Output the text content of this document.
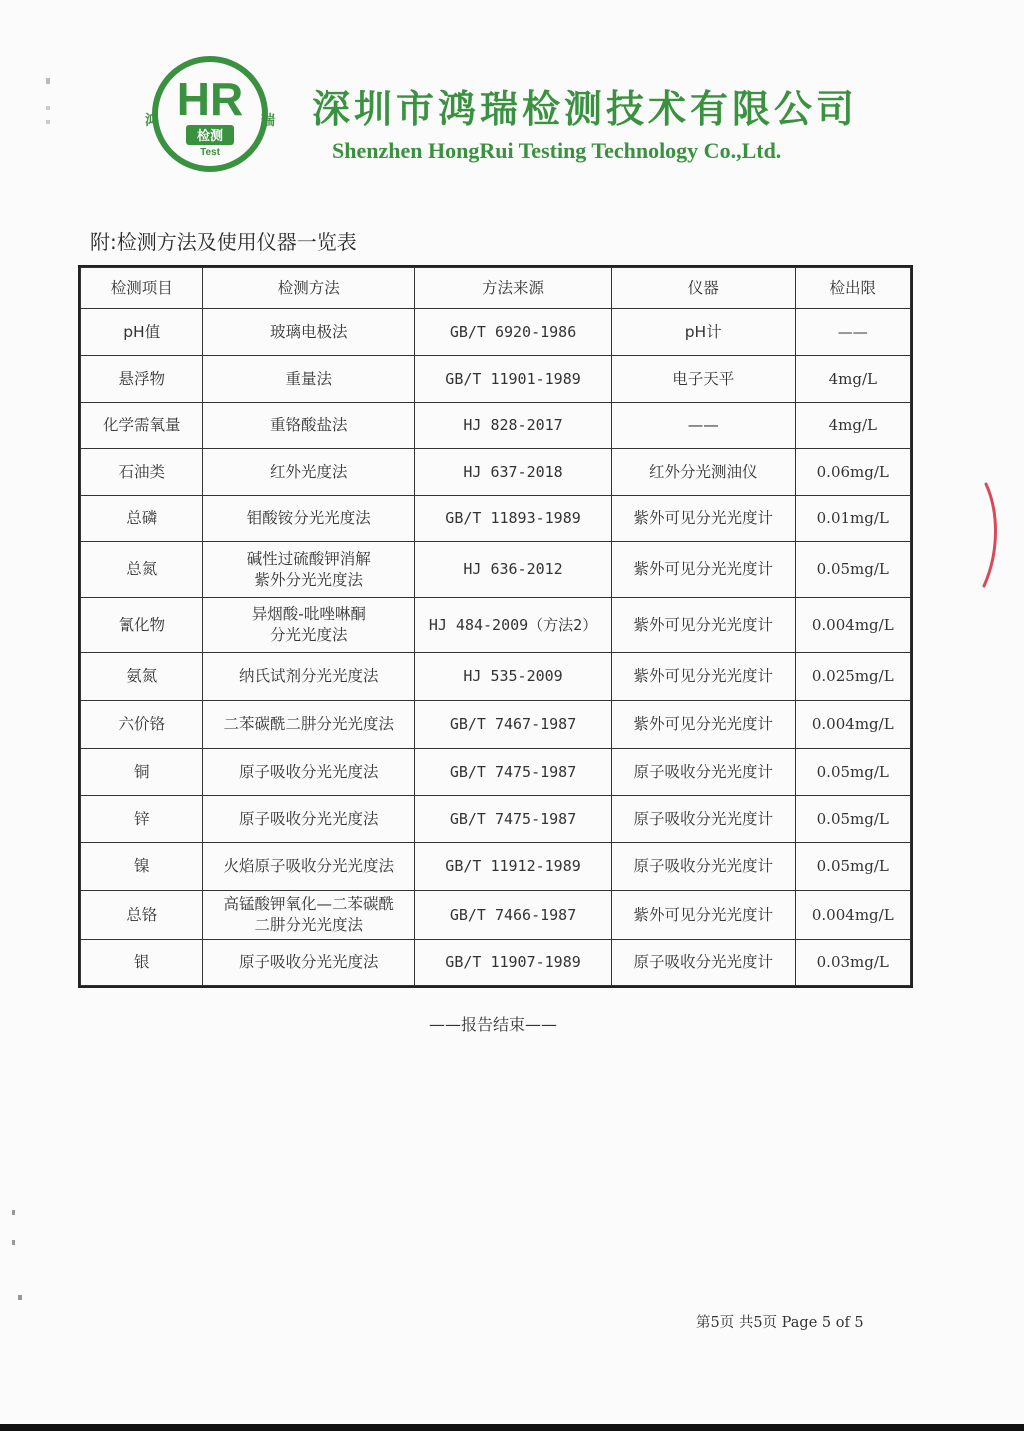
HR
检测
Test
鸿	瑞 深圳市鸿瑞检测技术有限公司
Shenzhen HongRui Testing Technology Co.,Ltd.
附:检测方法及使用仪器一览表
检测项目	检测方法	方法来源	仪器	检出限
pH值	玻璃电极法	GB/T 6920-1986	pH计	——
悬浮物	重量法	GB/T 11901-1989	电子天平	4mg/L
化学需氧量	重铬酸盐法	HJ 828-2017	——	4mg/L
石油类	红外光度法	HJ 637-2018	红外分光测油仪	0.06mg/L
总磷	钼酸铵分光光度法	GB/T 11893-1989	紫外可见分光光度计	0.01mg/L
总氮	碱性过硫酸钾消解
紫外分光光度法	HJ 636-2012	紫外可见分光光度计	0.05mg/L
氰化物	异烟酸-吡唑啉酮
分光光度法	HJ 484-2009（方法2）	紫外可见分光光度计	0.004mg/L
氨氮	纳氏试剂分光光度法	HJ 535-2009	紫外可见分光光度计	0.025mg/L
六价铬	二苯碳酰二肼分光光度法	GB/T 7467-1987	紫外可见分光光度计	0.004mg/L
铜	原子吸收分光光度法	GB/T 7475-1987	原子吸收分光光度计	0.05mg/L
锌	原子吸收分光光度法	GB/T 7475-1987	原子吸收分光光度计	0.05mg/L
镍	火焰原子吸收分光光度法	GB/T 11912-1989	原子吸收分光光度计	0.05mg/L
总铬	高锰酸钾氧化—二苯碳酰
二肼分光光度法	GB/T 7466-1987	紫外可见分光光度计	0.004mg/L
银	原子吸收分光光度法	GB/T 11907-1989	原子吸收分光光度计	0.03mg/L
——报告结束——
第5页 共5页 Page 5 of 5
